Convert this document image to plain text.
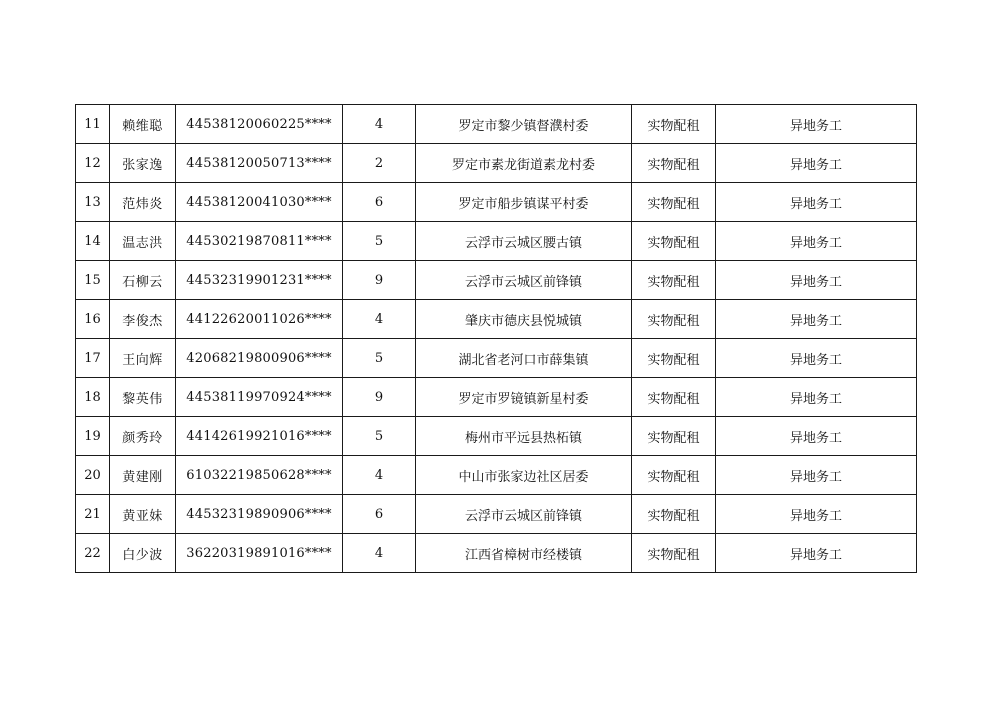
11	赖维聪	44538120060225****	4	罗定市黎少镇督濮村委	实物配租	异地务工
12	张家逸	44538120050713****	2	罗定市素龙街道素龙村委	实物配租	异地务工
13	范炜炎	44538120041030****	6	罗定市船步镇谋平村委	实物配租	异地务工
14	温志洪	44530219870811****	5	云浮市云城区腰古镇	实物配租	异地务工
15	石柳云	44532319901231****	9	云浮市云城区前锋镇	实物配租	异地务工
16	李俊杰	44122620011026****	4	肇庆市德庆县悦城镇	实物配租	异地务工
17	王向辉	42068219800906****	5	湖北省老河口市薛集镇	实物配租	异地务工
18	黎英伟	44538119970924****	9	罗定市罗镜镇新星村委	实物配租	异地务工
19	颜秀玲	44142619921016****	5	梅州市平远县热柘镇	实物配租	异地务工
20	黄建刚	61032219850628****	4	中山市张家边社区居委	实物配租	异地务工
21	黄亚妹	44532319890906****	6	云浮市云城区前锋镇	实物配租	异地务工
22	白少波	36220319891016****	4	江西省樟树市经楼镇	实物配租	异地务工
